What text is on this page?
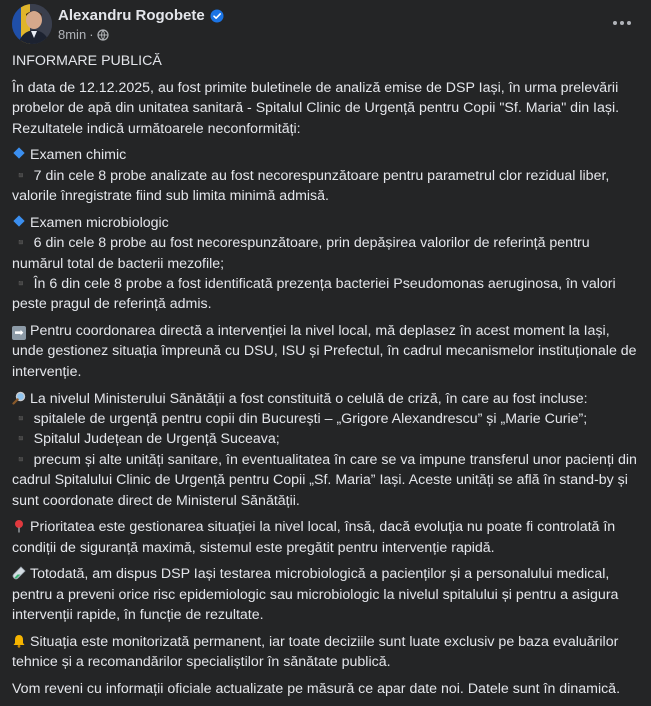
Alexandru Rogobete
8min ·

INFORMARE PUBLICĂ

În data de 12.12.2025, au fost primite buletinele de analiză emise de DSP Iași, în urma prelevării probelor de apă din unitatea sanitară - Spitalul Clinic de Urgență pentru Copii "Sf. Maria" din Iași. Rezultatele indică următoarele neconformități:

Examen chimic
▪️ 7 din cele 8 probe analizate au fost necorespunzătoare pentru parametrul clor rezidual liber, valorile înregistrate fiind sub limita minimă admisă.

Examen microbiologic
▪️ 6 din cele 8 probe au fost necorespunzătoare, prin depășirea valorilor de referință pentru numărul total de bacterii mezofile;
▪️ În 6 din cele 8 probe a fost identificată prezența bacteriei Pseudomonas aeruginosa, în valori peste pragul de referință admis.

➡ Pentru coordonarea directă a intervenției la nivel local, mă deplasez în acest moment la Iași, unde gestionez situația împreună cu DSU, ISU și Prefectul, în cadrul mecanismelor instituționale de intervenție.

La nivelul Ministerului Sănătății a fost constituită o celulă de criză, în care au fost incluse:
▪️ spitalele de urgență pentru copii din București – „Grigore Alexandrescu” și „Marie Curie”;
▪️ Spitalul Județean de Urgență Suceava;
▪️ precum și alte unități sanitare, în eventualitatea în care se va impune transferul unor pacienți din cadrul Spitalului Clinic de Urgență pentru Copii „Sf. Maria” Iași. Aceste unități se află în stand-by și sunt coordonate direct de Ministerul Sănătății.

Prioritatea este gestionarea situației la nivel local, însă, dacă evoluția nu poate fi controlată în condiții de siguranță maximă, sistemul este pregătit pentru intervenție rapidă.

Totodată, am dispus DSP Iași testarea microbiologică a pacienților și a personalului medical, pentru a preveni orice risc epidemiologic sau microbiologic la nivelul spitalului și pentru a asigura intervenții rapide, în funcție de rezultate.

Situația este monitorizată permanent, iar toate deciziile sunt luate exclusiv pe baza evaluărilor tehnice și a recomandărilor specialiștilor în sănătate publică.

Vom reveni cu informații oficiale actualizate pe măsură ce apar date noi. Datele sunt în dinamică.
